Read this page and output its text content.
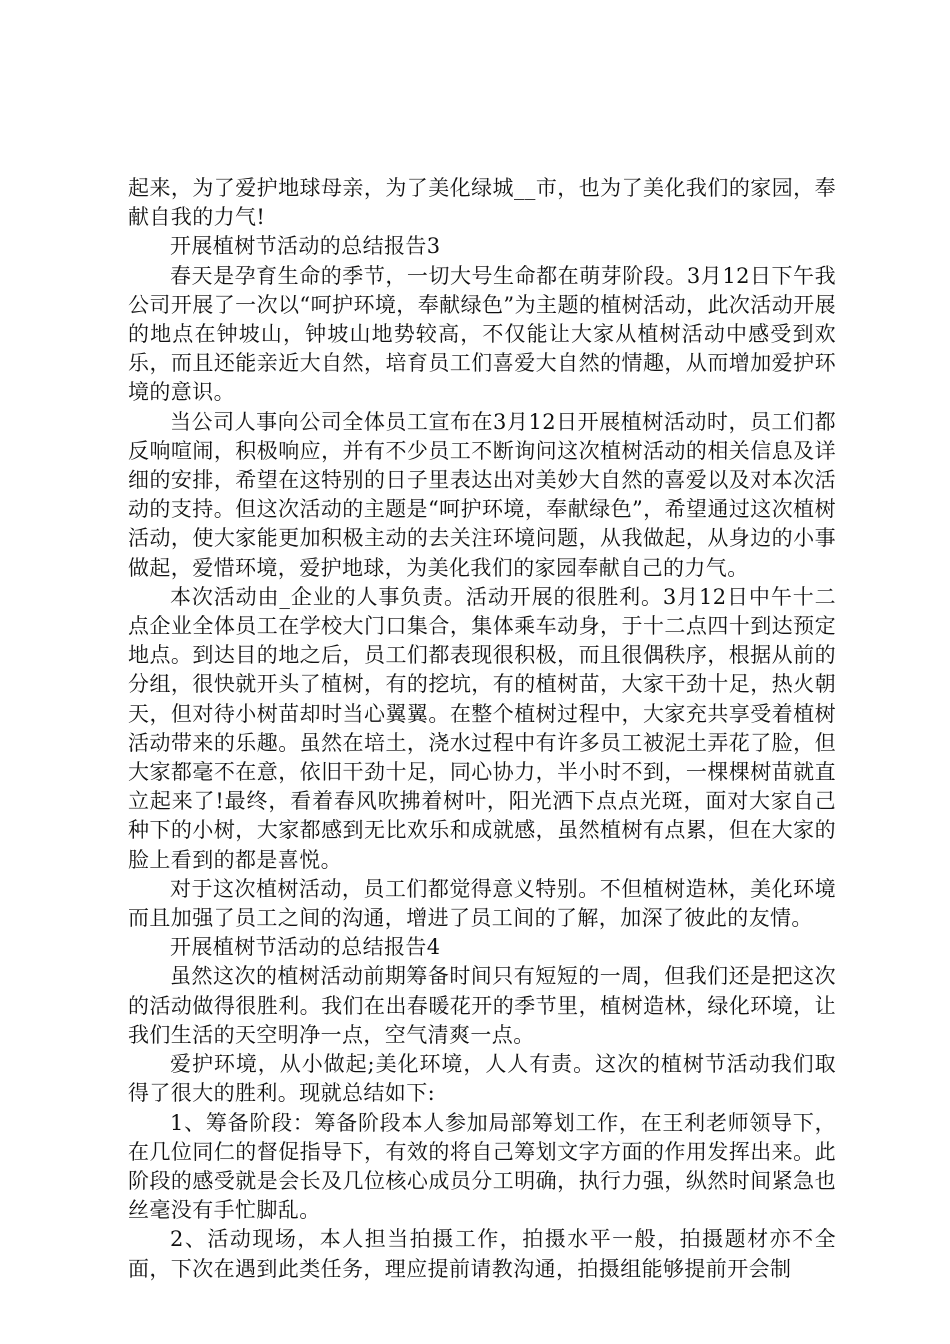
起来，为了爱护地球母亲，为了美化绿城__市，也为了美化我们的家园，奉献自我的力气!

开展植树节活动的总结报告3

春天是孕育生命的季节，一切大号生命都在萌芽阶段。3月12日下午我公司开展了一次以“呵护环境，奉献绿色”为主题的植树活动，此次活动开展的地点在钟坡山，钟坡山地势较高，不仅能让大家从植树活动中感受到欢乐，而且还能亲近大自然，培育员工们喜爱大自然的情趣，从而增加爱护环境的意识。

当公司人事向公司全体员工宣布在3月12日开展植树活动时，员工们都反响喧闹，积极响应，并有不少员工不断询问这次植树活动的相关信息及详细的安排，希望在这特别的日子里表达出对美妙大自然的喜爱以及对本次活动的支持。但这次活动的主题是“呵护环境，奉献绿色”，希望通过这次植树活动，使大家能更加积极主动的去关注环境问题，从我做起，从身边的小事做起，爱惜环境，爱护地球，为美化我们的家园奉献自己的力气。

本次活动由_企业的人事负责。活动开展的很胜利。3月12日中午十二点企业全体员工在学校大门口集合，集体乘车动身，于十二点四十到达预定地点。到达目的地之后，员工们都表现很积极，而且很偶秩序，根据从前的分组，很快就开头了植树，有的挖坑，有的植树苗，大家干劲十足，热火朝天，但对待小树苗却时当心翼翼。在整个植树过程中，大家充共享受着植树活动带来的乐趣。虽然在培土，浇水过程中有许多员工被泥土弄花了脸，但大家都毫不在意，依旧干劲十足，同心协力，半小时不到，一棵棵树苗就直立起来了!最终，看着春风吹拂着树叶，阳光洒下点点光斑，面对大家自己种下的小树，大家都感到无比欢乐和成就感，虽然植树有点累，但在大家的脸上看到的都是喜悦。

对于这次植树活动，员工们都觉得意义特别。不但植树造林，美化环境而且加强了员工之间的沟通，增进了员工间的了解，加深了彼此的友情。

开展植树节活动的总结报告4

虽然这次的植树活动前期筹备时间只有短短的一周，但我们还是把这次的活动做得很胜利。我们在出春暖花开的季节里，植树造林，绿化环境，让我们生活的天空明净一点，空气清爽一点。

爱护环境，从小做起;美化环境，人人有责。这次的植树节活动我们取得了很大的胜利。现就总结如下:

1、筹备阶段：筹备阶段本人参加局部筹划工作，在王利老师领导下，在几位同仁的督促指导下，有效的将自己筹划文字方面的作用发挥出来。此阶段的感受就是会长及几位核心成员分工明确，执行力强，纵然时间紧急也丝毫没有手忙脚乱。

2、活动现场，本人担当拍摄工作，拍摄水平一般，拍摄题材亦不全面，下次在遇到此类任务，理应提前请教沟通，拍摄组能够提前开会制
